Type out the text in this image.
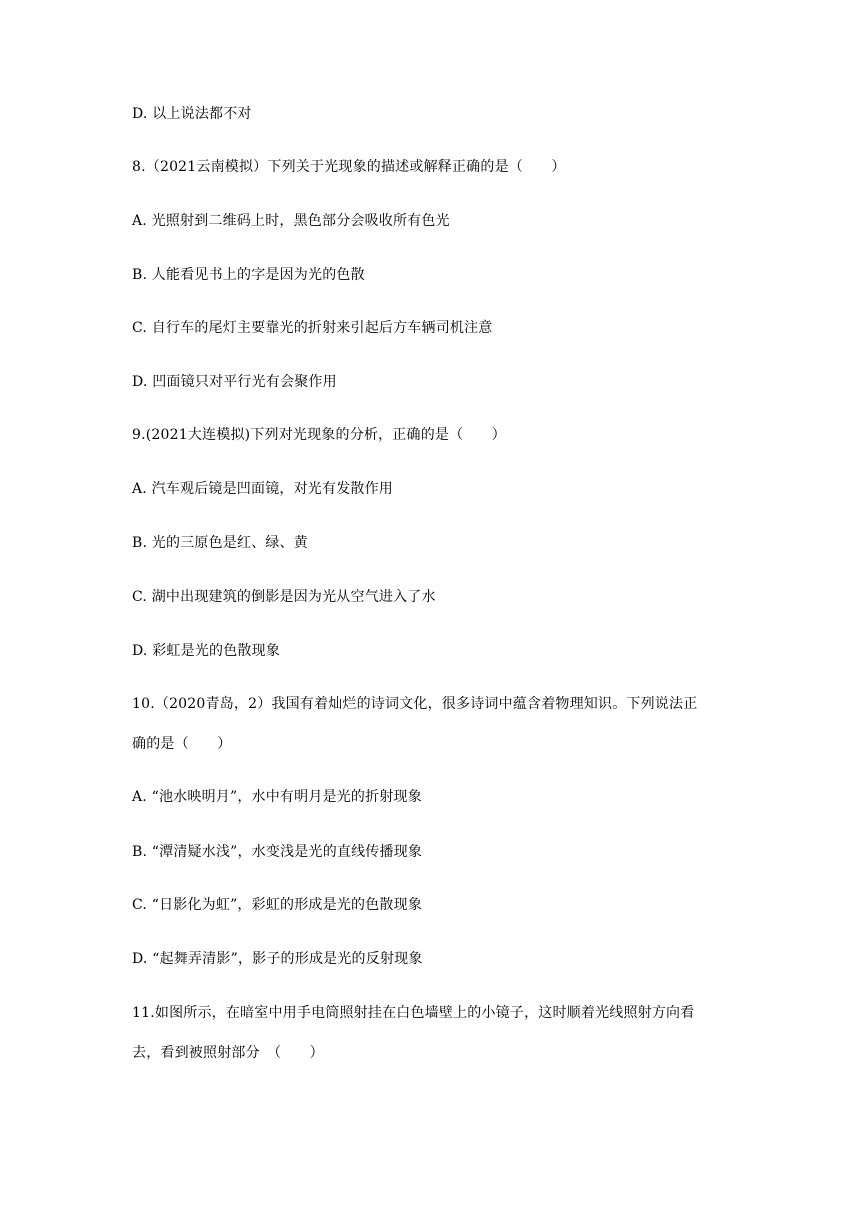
D. 以上说法都不对
8.（2021云南模拟）下列关于光现象的描述或解释正确的是（　　）
A. 光照射到二维码上时，黑色部分会吸收所有色光
B. 人能看见书上的字是因为光的色散
C. 自行车的尾灯主要靠光的折射来引起后方车辆司机注意
D. 凹面镜只对平行光有会聚作用
9.(2021大连模拟)下列对光现象的分析，正确的是（　　）
A. 汽车观后镜是凹面镜，对光有发散作用
B. 光的三原色是红、绿、黄
C. 湖中出现建筑的倒影是因为光从空气进入了水
D. 彩虹是光的色散现象
10.（2020青岛，2）我国有着灿烂的诗词文化，很多诗词中蕴含着物理知识。下列说法正
确的是（　　）
A. “池水映明月”，水中有明月是光的折射现象
B. “潭清疑水浅”，水变浅是光的直线传播现象
C. “日影化为虹”，彩虹的形成是光的色散现象
D. “起舞弄清影”，影子的形成是光的反射现象
11.如图所示，在暗室中用手电筒照射挂在白色墙壁上的小镜子，这时顺着光线照射方向看
去，看到被照射部分　（　　）
